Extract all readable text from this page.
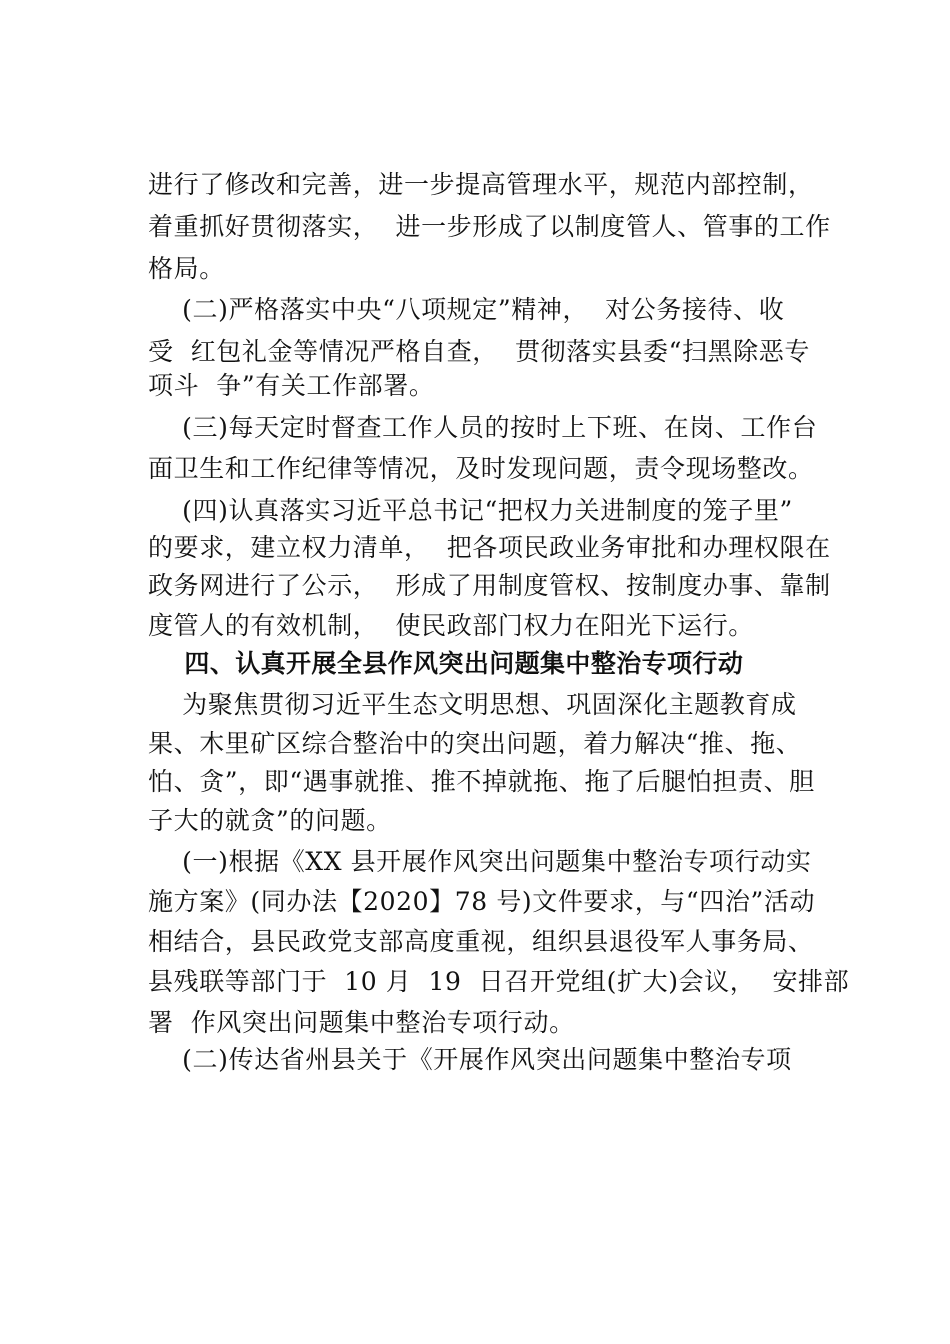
进行了修改和完善，进一步提高管理水平，规范内部控制，
着重抓好贯彻落实，  进一步形成了以制度管人、管事的工作
格局。
(二)严格落实中央“八项规定”精神，  对公务接待、收
受  红包礼金等情况严格自查，  贯彻落实县委“扫黑除恶专
项斗  争”有关工作部署。
(三)每天定时督查工作人员的按时上下班、在岗、工作台
面卫生和工作纪律等情况，及时发现问题，责令现场整改。
(四)认真落实习近平总书记“把权力关进制度的笼子里”
的要求，建立权力清单，  把各项民政业务审批和办理权限在
政务网进行了公示，  形成了用制度管权、按制度办事、靠制
度管人的有效机制，  使民政部门权力在阳光下运行。
四、认真开展全县作风突出问题集中整治专项行动
为聚焦贯彻习近平生态文明思想、巩固深化主题教育成
果、木里矿区综合整治中的突出问题，着力解决“推、拖、
怕、贪”，即“遇事就推、推不掉就拖、拖了后腿怕担责、胆
子大的就贪”的问题。
(一)根据《XX 县开展作风突出问题集中整治专项行动实
施方案》(同办法【2020】78 号)文件要求，与“四治”活动
相结合，县民政党支部高度重视，组织县退役军人事务局、
县残联等部门于  10 月  19  日召开党组(扩大)会议，  安排部
署  作风突出问题集中整治专项行动。
(二)传达省州县关于《开展作风突出问题集中整治专项
